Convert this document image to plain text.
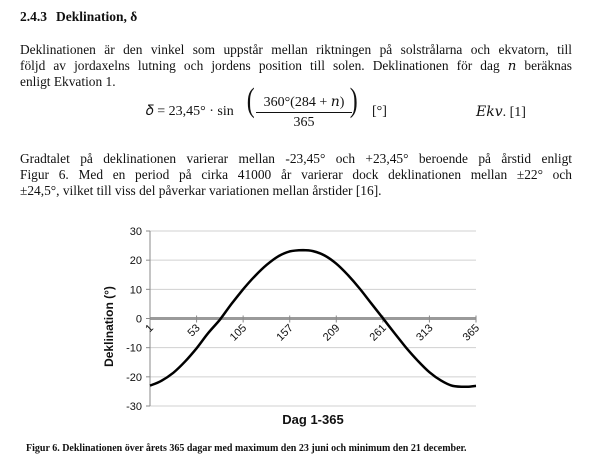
2.4.3 Deklination, δ
Deklinationen är den vinkel som uppstår mellan riktningen på solstrålarna och ekvatorn, till
följd av jordaxelns lutning och jordens position till solen. Deklinationen för dag 𝑛 beräknas
enligt Ekvation 1.
𝛿 = 23,45° · sin ( 360°(284 + 𝑛)
365
) [°]	𝐸𝑘𝑣. [1]
Gradtalet på deklinationen varierar mellan -23,45° och +23,45° beroende på årstid enligt
Figur 6. Med en period på cirka 41000 år varierar dock deklinationen mellan ±22° och
±24,5°, vilket till viss del påverkar variationen mellan årstider [16].
30
20
10
0
-10
-20
-30
1	53 105 157 209 261 313 365
Dag 1-365
Deklination (°)
Figur 6. Deklinationen över årets 365 dagar med maximum den 23 juni och minimum den 21 december.
